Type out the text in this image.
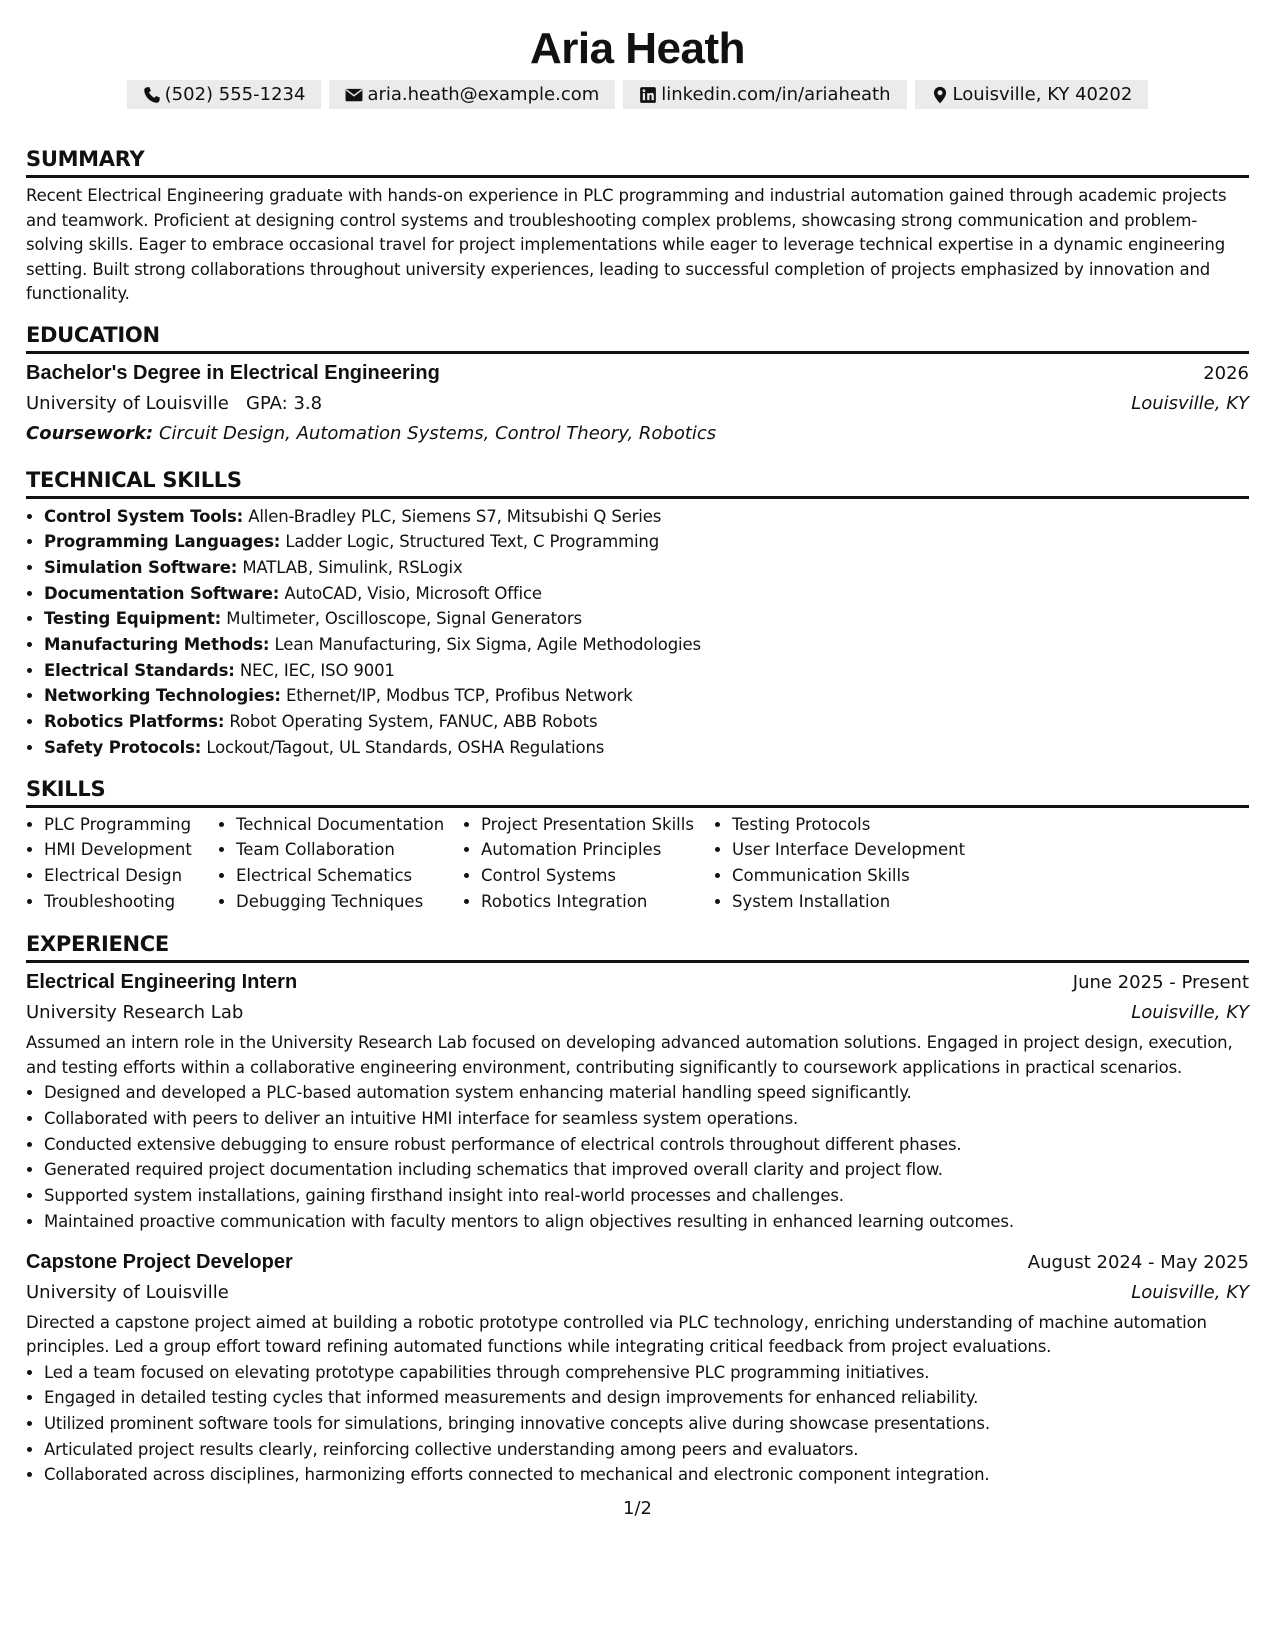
Aria Heath
(502) 555-1234	aria.heath@example.com	linkedin.com/in/ariaheath	Louisville, KY 40202
SUMMARY

Recent Electrical Engineering graduate with hands-on experience in PLC programming and industrial automation gained through academic projects and teamwork. Proficient at designing control systems and troubleshooting complex problems, showcasing strong communication and problem-solving skills. Eager to embrace occasional travel for project implementations while eager to leverage technical expertise in a dynamic engineering setting. Built strong collaborations throughout university experiences, leading to successful completion of projects emphasized by innovation and functionality.

EDUCATION
Bachelor's Degree in Electrical Engineering	2026
University of Louisville GPA: 3.8	Louisville, KY
Coursework: Circuit Design, Automation Systems, Control Theory, Robotics
TECHNICAL SKILLS
• Control System Tools: Allen-Bradley PLC, Siemens S7, Mitsubishi Q Series
• Programming Languages: Ladder Logic, Structured Text, C Programming
• Simulation Software: MATLAB, Simulink, RSLogix
• Documentation Software: AutoCAD, Visio, Microsoft Office
• Testing Equipment: Multimeter, Oscilloscope, Signal Generators
• Manufacturing Methods: Lean Manufacturing, Six Sigma, Agile Methodologies
• Electrical Standards: NEC, IEC, ISO 9001
• Networking Technologies: Ethernet/IP, Modbus TCP, Profibus Network
• Robotics Platforms: Robot Operating System, FANUC, ABB Robots
• Safety Protocols: Lockout/Tagout, UL Standards, OSHA Regulations
SKILLS
• PLC Programming
• HMI Development
• Electrical Design
• Troubleshooting
• Technical Documentation
• Team Collaboration
• Electrical Schematics
• Debugging Techniques
• Project Presentation Skills
• Automation Principles
• Control Systems
• Robotics Integration
• Testing Protocols
• User Interface Development
• Communication Skills
• System Installation
EXPERIENCE
Electrical Engineering Intern	June 2025 - Present
University Research Lab	Louisville, KY

Assumed an intern role in the University Research Lab focused on developing advanced automation solutions. Engaged in project design, execution, and testing efforts within a collaborative engineering environment, contributing significantly to coursework applications in practical scenarios.

• Designed and developed a PLC-based automation system enhancing material handling speed significantly.
• Collaborated with peers to deliver an intuitive HMI interface for seamless system operations.
• Conducted extensive debugging to ensure robust performance of electrical controls throughout different phases.
• Generated required project documentation including schematics that improved overall clarity and project flow.
• Supported system installations, gaining firsthand insight into real-world processes and challenges.
• Maintained proactive communication with faculty mentors to align objectives resulting in enhanced learning outcomes.
Capstone Project Developer	August 2024 - May 2025
University of Louisville	Louisville, KY

Directed a capstone project aimed at building a robotic prototype controlled via PLC technology, enriching understanding of machine automation principles. Led a group effort toward refining automated functions while integrating critical feedback from project evaluations.

• Led a team focused on elevating prototype capabilities through comprehensive PLC programming initiatives.
• Engaged in detailed testing cycles that informed measurements and design improvements for enhanced reliability.
• Utilized prominent software tools for simulations, bringing innovative concepts alive during showcase presentations.
• Articulated project results clearly, reinforcing collective understanding among peers and evaluators.
• Collaborated across disciplines, harmonizing efforts connected to mechanical and electronic component integration.
1/2
